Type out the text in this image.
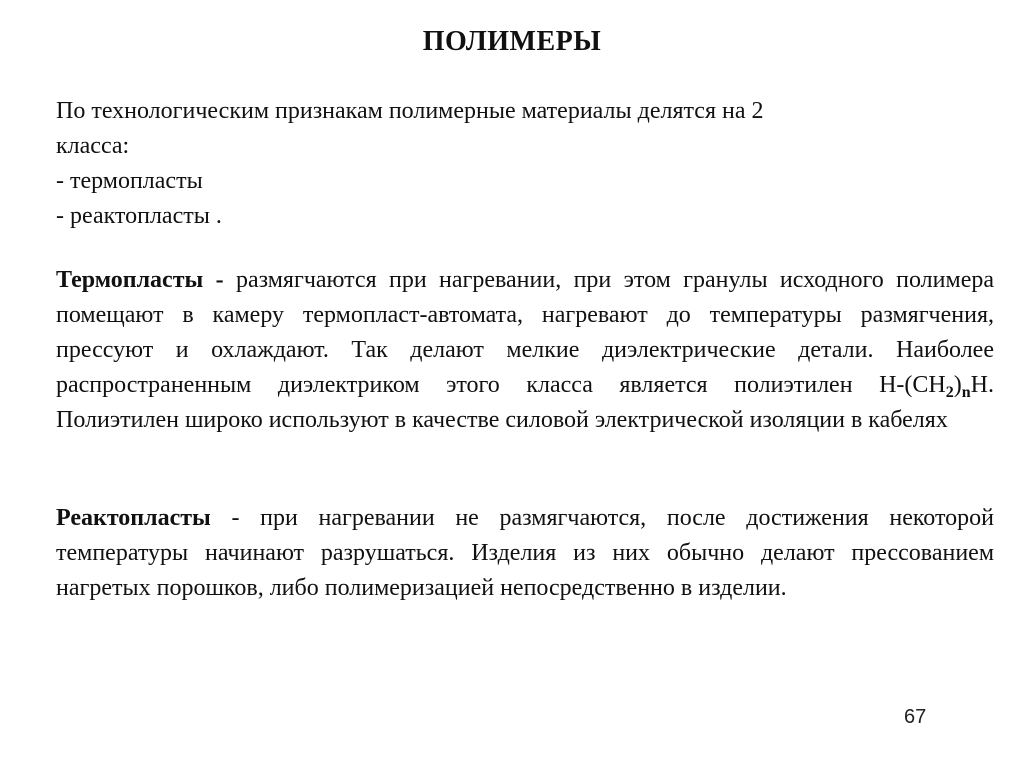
ПОЛИМЕРЫ
По технологическим признакам полимерные материалы делятся на 2
класса:
- термопласты
- реактопласты .
Термопласты - размягчаются при нагревании, при этом гранулы исходного полимера помещают в камеру термопласт-автомата, нагревают до температуры размягчения, прессуют и охлаждают. Так делают мелкие диэлектрические детали. Наиболее распространенным диэлектриком этого класса является полиэтилен $H-(CH_2)_nH$. Полиэтилен широко используют в качестве силовой электрической изоляции в кабелях
Реактопласты - при нагревании не размягчаются, после достижения некоторой температуры начинают разрушаться. Изделия из них обычно делают прессованием нагретых порошков, либо полимеризацией непосредственно в изделии.
67
